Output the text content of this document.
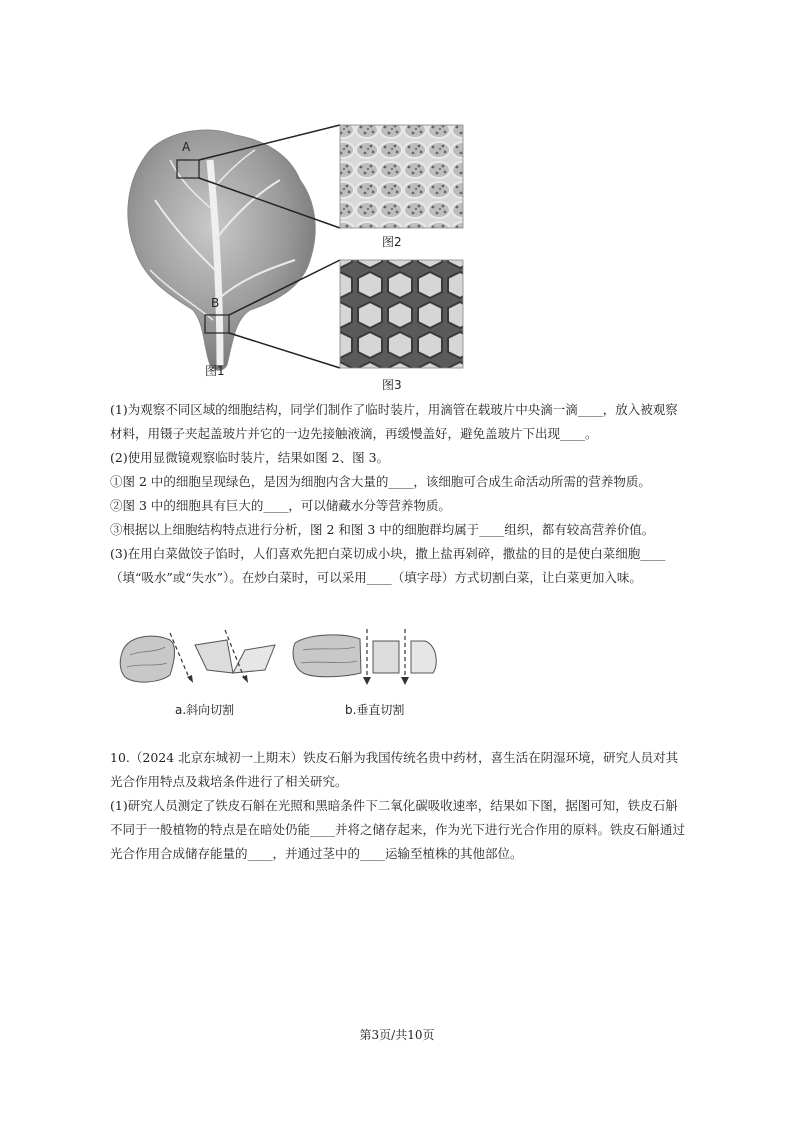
A
B
图1
图2
图3
(1)为观察不同区域的细胞结构，同学们制作了临时装片，用滴管在载玻片中央滴一滴____，放入被观察材料，用镊子夹起盖玻片并它的一边先接触液滴，再缓慢盖好，避免盖玻片下出现____。
(2)使用显微镜观察临时装片，结果如图 2、图 3。
①图 2 中的细胞呈现绿色，是因为细胞内含大量的____，该细胞可合成生命活动所需的营养物质。
②图 3 中的细胞具有巨大的____，可以储藏水分等营养物质。
③根据以上细胞结构特点进行分析，图 2 和图 3 中的细胞群均属于____组织，都有较高营养价值。
(3)在用白菜做饺子馅时，人们喜欢先把白菜切成小块，撒上盐再剁碎，撒盐的目的是使白菜细胞____（填“吸水”或“失水”）。在炒白菜时，可以采用____（填字母）方式切割白菜，让白菜更加入味。
a.斜向切割	b.垂直切割
10.（2024 北京东城初一上期末）铁皮石斛为我国传统名贵中药材，喜生活在阴湿环境，研究人员对其光合作用特点及栽培条件进行了相关研究。
(1)研究人员测定了铁皮石斛在光照和黑暗条件下二氧化碳吸收速率，结果如下图，据图可知，铁皮石斛不同于一般植物的特点是在暗处仍能____并将之储存起来，作为光下进行光合作用的原料。铁皮石斛通过光合作用合成储存能量的____，并通过茎中的____运输至植株的其他部位。
第3页/共10页
